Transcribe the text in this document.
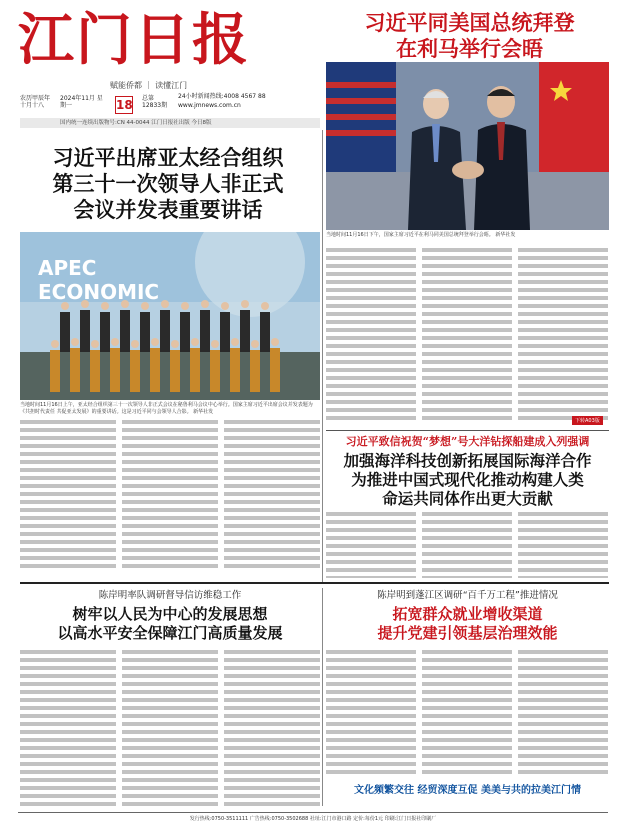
江门日报
赋能侨都 ｜ 读懂江门
农历甲辰年 十月十八
2024年11月 星期一
总第 12833期
24小时新闻热线:4008 4567 88
www.jmnews.com.cn
18
国内统一连续出版物号:CN 44-0044 江门日报社出版 今日8版
习近平同美国总统拜登
在利马举行会晤
当地时间11月16日下午，国家主席习近平在利马同美国总统拜登举行会晤。 新华社发
习近平出席亚太经合组织
第三十一次领导人非正式
会议并发表重要讲话
APEC
ECONOMIC
当地时间11月16日上午，亚太经合组织第三十一次领导人非正式会议在秘鲁利马会议中心举行。国家主席习近平出席会议并发表题为《共担时代责任 共促亚太发展》的重要讲话。这是习近平同与会领导人合影。 新华社发
下转A03版
习近平致信祝贺“梦想”号大洋钻探船建成入列强调
加强海洋科技创新拓展国际海洋合作
为推进中国式现代化推动构建人类
命运共同体作出更大贡献
陈岸明率队调研督导信访维稳工作
树牢以人民为中心的发展思想
以高水平安全保障江门高质量发展
陈岸明到蓬江区调研“百千万工程”推进情况
拓宽群众就业增收渠道
提升党建引领基层治理效能
文化频繁交往 经贸深度互促 美美与共的拉美江门情
发行热线:0750-3511111 广告热线:0750-3502688 社址:江门市港口路 定价:每份1元 印刷:江门日报社印刷厂
